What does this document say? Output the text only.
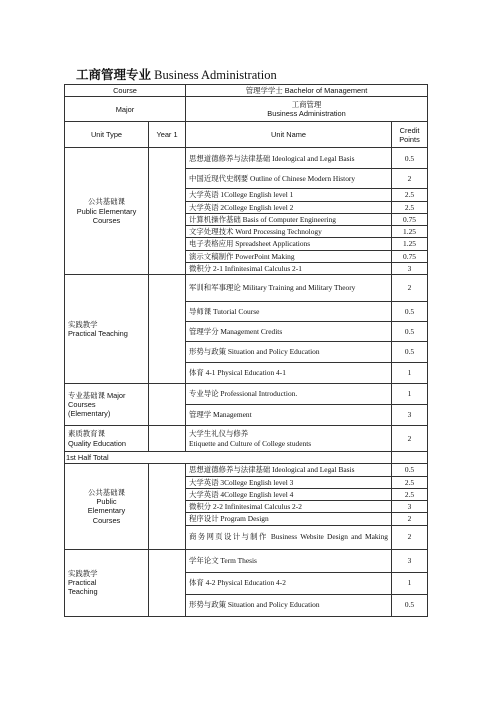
工商管理专业 Business Administration
Course		管理学学士 Bachelor of Management	
Major		工商管理
Business Administration	

Unit Type	Year 1	Unit Name	Credit
Points

公共基础课
Public Elementary
Courses		思想道德修养与法律基础 Ideological and Legal Basis	0.5
		中国近现代史纲要 Outline of Chinese Modern History	2
		大学英语 1College English level 1	2.5
		大学英语 2College English level 2	2.5
		计算机操作基础 Basis of Computer Engineering	0.75
		文字处理技术 Word Processing Technology	1.25
		电子表格应用 Spreadsheet Applications	1.25
		演示文稿制作 PowerPoint Making	0.75
		微积分 2-1 Infinitesimal Calculus 2-1	3

实践教学
Practical Teaching		军训和军事理论 Military Training and Military Theory	2
		导师课 Tutorial Course	0.5
		管理学分 Management Credits	0.5
		形势与政策 Situation and Policy Education	0.5
		体育 4-1 Physical Education 4-1	1

专业基础课 Major
Courses
(Elementary)		专业导论 Professional Introduction.	1
		管理学 Management	3

素质教育课
Quality Education		大学生礼仪与修养
Etiquette and Culture of College students	2
1st Half Total			

公共基础课
Public
Elementary
Courses		思想道德修养与法律基础 Ideological and Legal Basis	0.5
		大学英语 3College English level 3	2.5
		大学英语 4College English level 4	2.5
		微积分 2-2 Infinitesimal Calculus 2-2	3
		程序设计 Program Design	2
		商务网页设计与制作 Business Website Design and Making	2

实践教学
Practical
Teaching		学年论文 Term Thesis	3
		体育 4-2 Physical Education 4-2	1
		形势与政策 Situation and Policy Education	0.5
